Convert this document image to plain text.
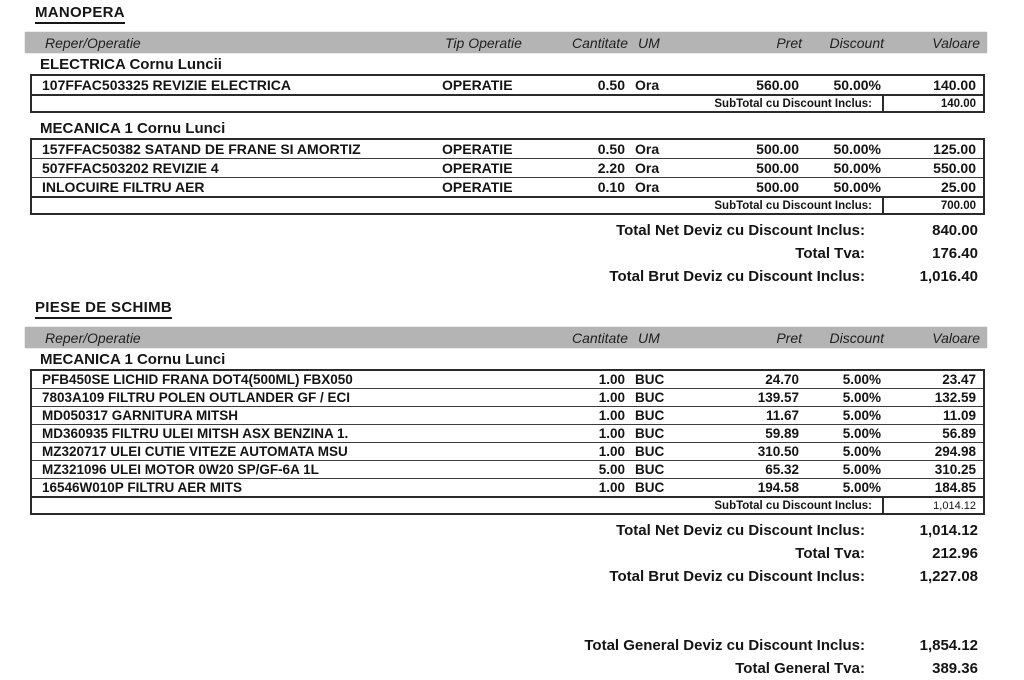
MANOPERA
Reper/Operatie	Tip Operatie	Cantitate UM	Pret	Discount	Valoare
ELECTRICA Cornu Luncii
107FFAC503325 REVIZIE ELECTRICA	OPERATIE	0.50 Ora	560.00	50.00%	140.00
SubTotal cu Discount Inclus:	140.00
MECANICA 1 Cornu Lunci
157FFAC50382 SATAND DE FRANE SI AMORTIZ	OPERATIE	0.50 Ora	500.00	50.00%	125.00
507FFAC503202 REVIZIE 4	OPERATIE	2.20 Ora	500.00	50.00%	550.00
INLOCUIRE FILTRU AER	OPERATIE	0.10 Ora	500.00	50.00%	25.00
SubTotal cu Discount Inclus:	700.00
Total Net Deviz cu Discount Inclus:	840.00
Total Tva:	176.40
Total Brut Deviz cu Discount Inclus:	1,016.40
PIESE DE SCHIMB
Reper/Operatie	Cantitate UM	Pret	Discount	Valoare
MECANICA 1 Cornu Lunci
PFB450SE LICHID FRANA DOT4(500ML) FBX050	1.00 BUC	24.70	5.00%	23.47
7803A109 FILTRU POLEN OUTLANDER GF / ECI	1.00 BUC	139.57	5.00%	132.59
MD050317 GARNITURA MITSH	1.00 BUC	11.67	5.00%	11.09
MD360935 FILTRU ULEI MITSH ASX BENZINA 1.	1.00 BUC	59.89	5.00%	56.89
MZ320717 ULEI CUTIE VITEZE AUTOMATA MSU	1.00 BUC	310.50	5.00%	294.98
MZ321096 ULEI MOTOR 0W20 SP/GF-6A 1L	5.00 BUC	65.32	5.00%	310.25
16546W010P FILTRU AER MITS	1.00 BUC	194.58	5.00%	184.85
SubTotal cu Discount Inclus:	1,014.12
Total Net Deviz cu Discount Inclus:	1,014.12
Total Tva:	212.96
Total Brut Deviz cu Discount Inclus:	1,227.08
Total General Deviz cu Discount Inclus:	1,854.12
Total General Tva:	389.36
